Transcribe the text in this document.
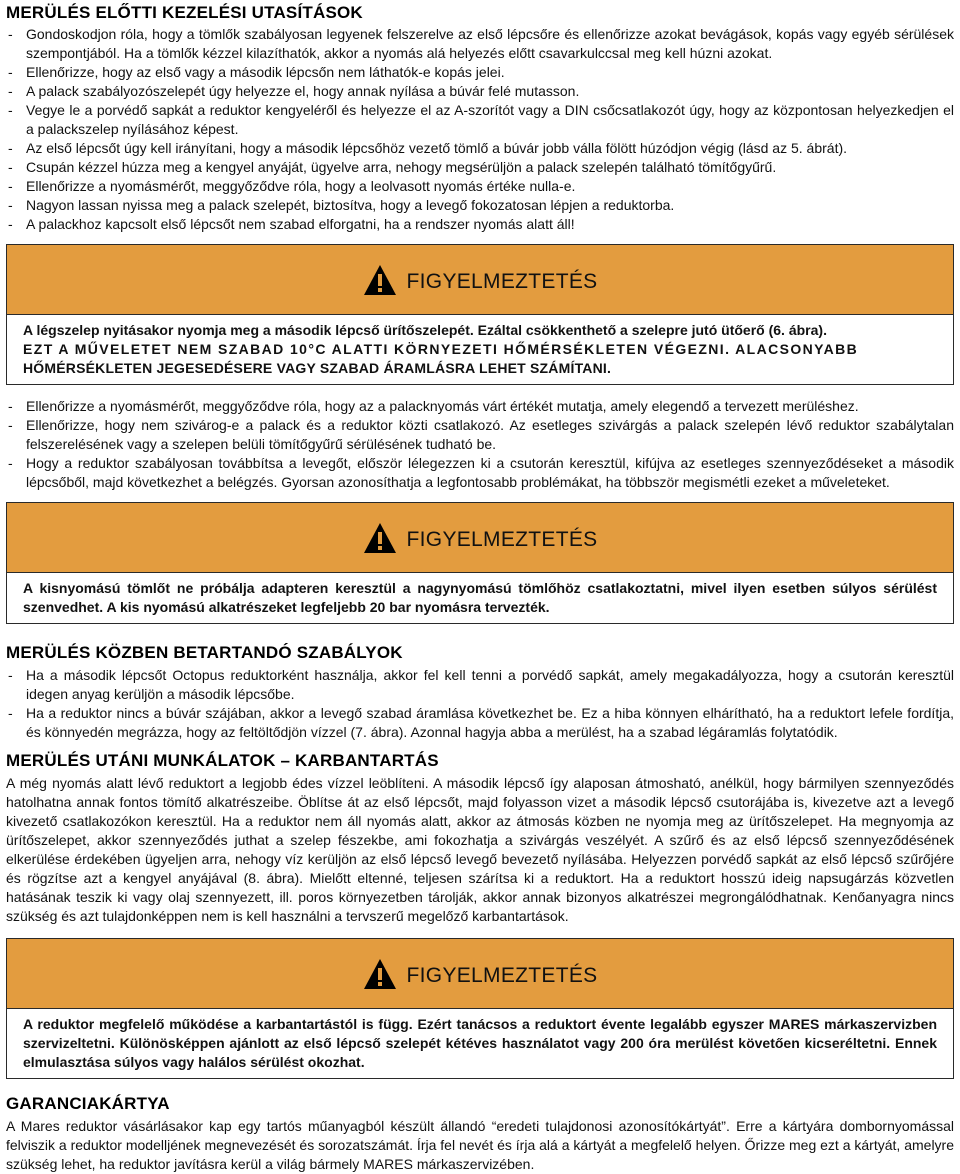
MERÜLÉS ELŐTTI KEZELÉSI UTASÍTÁSOK
- Gondoskodjon róla, hogy a tömlők szabályosan legyenek felszerelve az első lépcsőre és ellenőrizze azokat bevágások, kopás vagy egyéb sérülések szempontjából. Ha a tömlők kézzel kilazíthatók, akkor a nyomás alá helyezés előtt csavarkulccsal meg kell húzni azokat.
- Ellenőrizze, hogy az első vagy a második lépcsőn nem láthatók-e kopás jelei.
- A palack szabályozószelepét úgy helyezze el, hogy annak nyílása a búvár felé mutasson.
- Vegye le a porvédő sapkát a reduktor kengyeléről és helyezze el az A-szorítót vagy a DIN csőcsatlakozót úgy, hogy az központosan helyezkedjen el a palackszelep nyílásához képest.
- Az első lépcsőt úgy kell irányítani, hogy a második lépcsőhöz vezető tömlő a búvár jobb válla fölött húzódjon végig (lásd az 5. ábrát).
- Csupán kézzel húzza meg a kengyel anyáját, ügyelve arra, nehogy megsérüljön a palack szelepén található tömítőgyűrű.
- Ellenőrizze a nyomásmérőt, meggyőződve róla, hogy a leolvasott nyomás értéke nulla-e.
- Nagyon lassan nyissa meg a palack szelepét, biztosítva, hogy a levegő fokozatosan lépjen a reduktorba.
- A palackhoz kapcsolt első lépcsőt nem szabad elforgatni, ha a rendszer nyomás alatt áll!
FIGYELMEZTETÉS
A légszelep nyitásakor nyomja meg a második lépcső ürítőszelepét. Ezáltal csökkenthető a szelepre jutó ütőerő (6. ábra).
EZT A MŰVELETET NEM SZABAD 10°C ALATTI KÖRNYEZETI HŐMÉRSÉKLETEN VÉGEZNI. ALACSONYABB
HŐMÉRSÉKLETEN JEGESEDÉSERE VAGY SZABAD ÁRAMLÁSRA LEHET SZÁMÍTANI.
- Ellenőrizze a nyomásmérőt, meggyőződve róla, hogy az a palacknyomás várt értékét mutatja, amely elegendő a tervezett merüléshez.
- Ellenőrizze, hogy nem szivárog-e a palack és a reduktor közti csatlakozó. Az esetleges szivárgás a palack szelepén lévő reduktor szabálytalan felszerelésének vagy a szelepen belüli tömítőgyűrű sérülésének tudható be.
- Hogy a reduktor szabályosan továbbítsa a levegőt, először lélegezzen ki a csutorán keresztül, kifújva az esetleges szennyeződéseket a második lépcsőből, majd következhet a belégzés. Gyorsan azonosíthatja a legfontosabb problémákat, ha többször megismétli ezeket a műveleteket.
FIGYELMEZTETÉS
A kisnyomású tömlőt ne próbálja adapteren keresztül a nagynyomású tömlőhöz csatlakoztatni, mivel ilyen esetben súlyos sérülést szenvedhet. A kis nyomású alkatrészeket legfeljebb 20 bar nyomásra tervezték.
MERÜLÉS KÖZBEN BETARTANDÓ SZABÁLYOK
- Ha a második lépcsőt Octopus reduktorként használja, akkor fel kell tenni a porvédő sapkát, amely megakadályozza, hogy a csutorán keresztül idegen anyag kerüljön a második lépcsőbe.
- Ha a reduktor nincs a búvár szájában, akkor a levegő szabad áramlása következhet be. Ez a hiba könnyen elhárítható, ha a reduktort lefele fordítja, és könnyedén megrázza, hogy az feltöltődjön vízzel (7. ábra). Azonnal hagyja abba a merülést, ha a szabad légáramlás folytatódik.
MERÜLÉS UTÁNI MUNKÁLATOK – KARBANTARTÁS

A még nyomás alatt lévő reduktort a legjobb édes vízzel leöblíteni. A második lépcső így alaposan átmosható, anélkül, hogy bármilyen szennyeződés hatolhatna annak fontos tömítő alkatrészeibe. Öblítse át az első lépcsőt, majd folyasson vizet a második lépcső csutorájába is, kivezetve azt a levegő kivezető csatlakozókon keresztül. Ha a reduktor nem áll nyomás alatt, akkor az átmosás közben ne nyomja meg az ürítőszelepet. Ha megnyomja az ürítőszelepet, akkor szennyeződés juthat a szelep fészekbe, ami fokozhatja a szivárgás veszélyét. A szűrő és az első lépcső szennyeződésének elkerülése érdekében ügyeljen arra, nehogy víz kerüljön az első lépcső levegő bevezető nyílásába. Helyezzen porvédő sapkát az első lépcső szűrőjére és rögzítse azt a kengyel anyájával (8. ábra). Mielőtt eltenné, teljesen szárítsa ki a reduktort. Ha a reduktort hosszú ideig napsugárzás közvetlen hatásának teszik ki vagy olaj szennyezett, ill. poros környezetben tárolják, akkor annak bizonyos alkatrészei megrongálódhatnak. Kenőanyagra nincs szükség és azt tulajdonképpen nem is kell használni a tervszerű megelőző karbantartások.

FIGYELMEZTETÉS
A reduktor megfelelő működése a karbantartástól is függ. Ezért tanácsos a reduktort évente legalább egyszer MARES márkaszervizben szervizeltetni. Különösképpen ajánlott az első lépcső szelepét kétéves használatot vagy 200 óra merülést követően kicseréltetni. Ennek elmulasztása súlyos vagy halálos sérülést okozhat.
GARANCIAKÁRTYA

A Mares reduktor vásárlásakor kap egy tartós műanyagból készült állandó “eredeti tulajdonosi azonosítókártyát”. Erre a kártyára dombornyomással felviszik a reduktor modelljének megnevezését és sorozatszámát. Írja fel nevét és írja alá a kártyát a megfelelő helyen. Őrizze meg ezt a kártyát, amelyre szükség lehet, ha reduktor javításra kerül a világ bármely MARES márkaszervizében.
